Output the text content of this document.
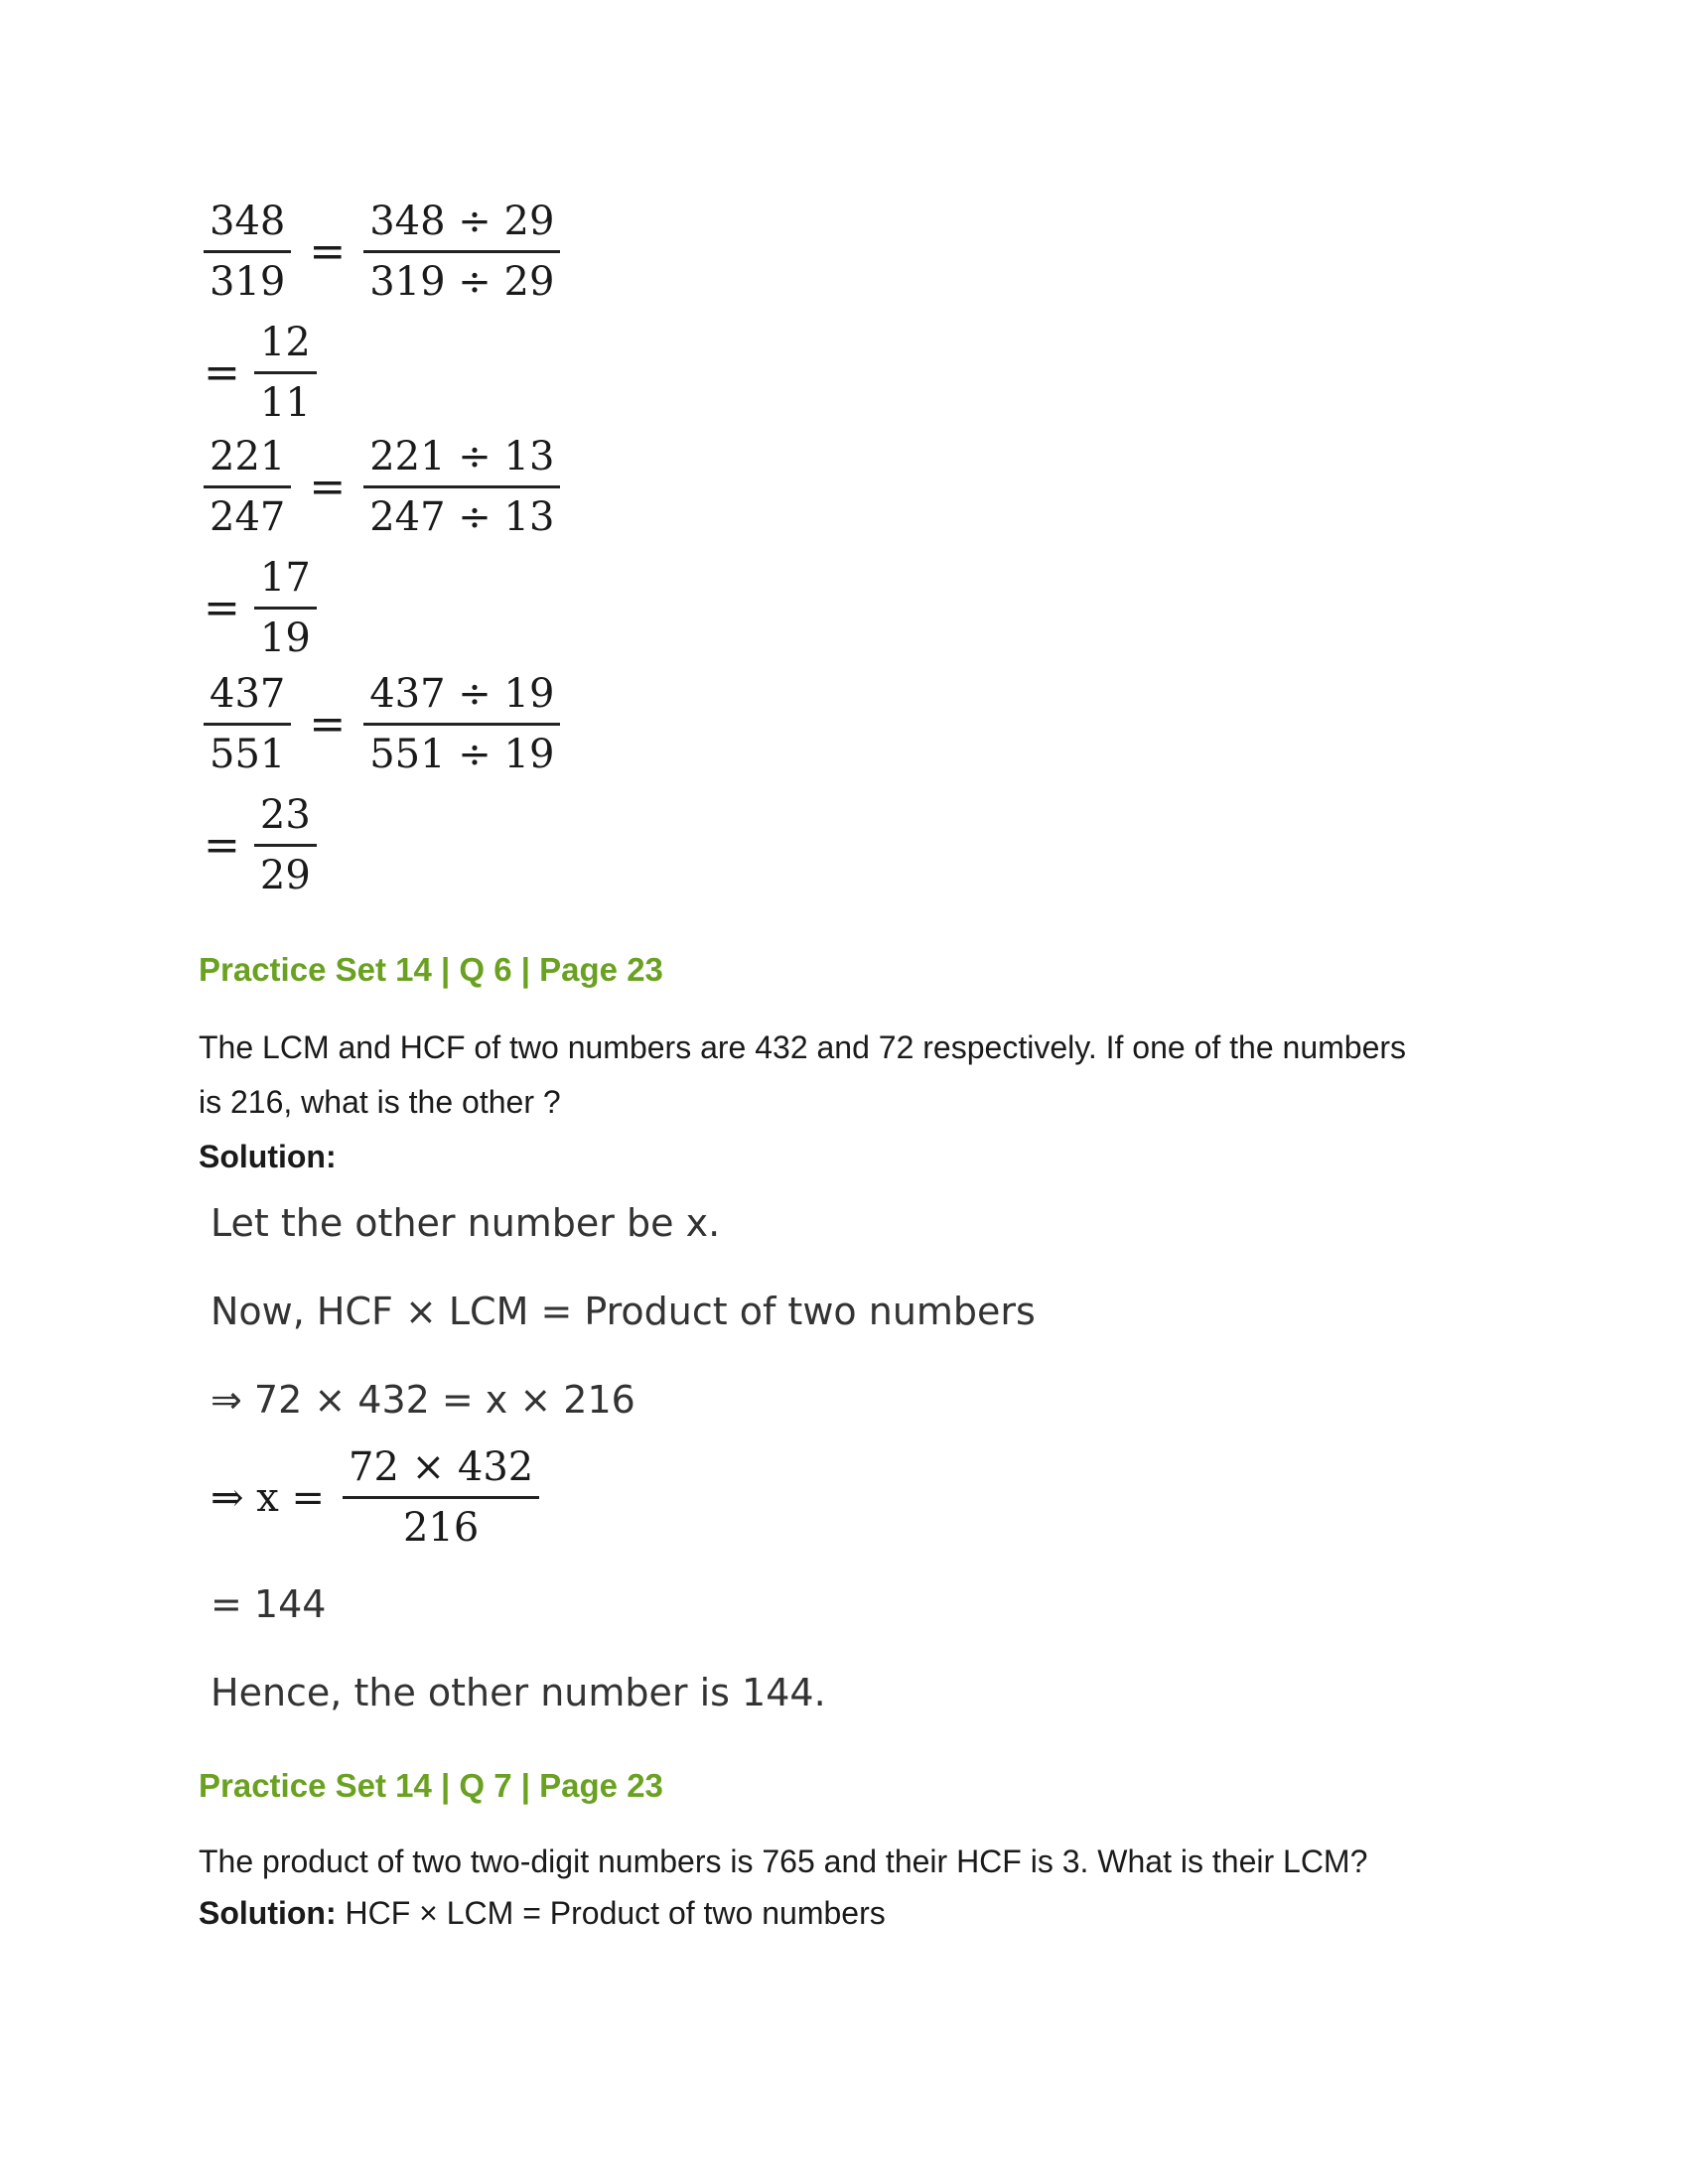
$\frac{348}{319} = \frac{348 \div 29}{319 \div 29}$
= $\frac{12}{11}$
$\frac{221}{247} = \frac{221 \div 13}{247 \div 13}$
= $\frac{17}{19}$
$\frac{437}{551} = \frac{437 \div 19}{551 \div 19}$
= $\frac{23}{29}$
Practice Set 14 | Q 6 | Page 23
The LCM and HCF of two numbers are 432 and 72 respectively. If one of the numbers
is 216, what is the other ?
Solution:
Let the other number be x.
Now, HCF × LCM = Product of two numbers
⇒ 72 × 432 = x × 216
⇒ $x = \frac{72 \times 432}{216}$
= 144
Hence, the other number is 144.
Practice Set 14 | Q 7 | Page 23
The product of two two-digit numbers is 765 and their HCF is 3. What is their LCM?
Solution: HCF × LCM = Product of two numbers
